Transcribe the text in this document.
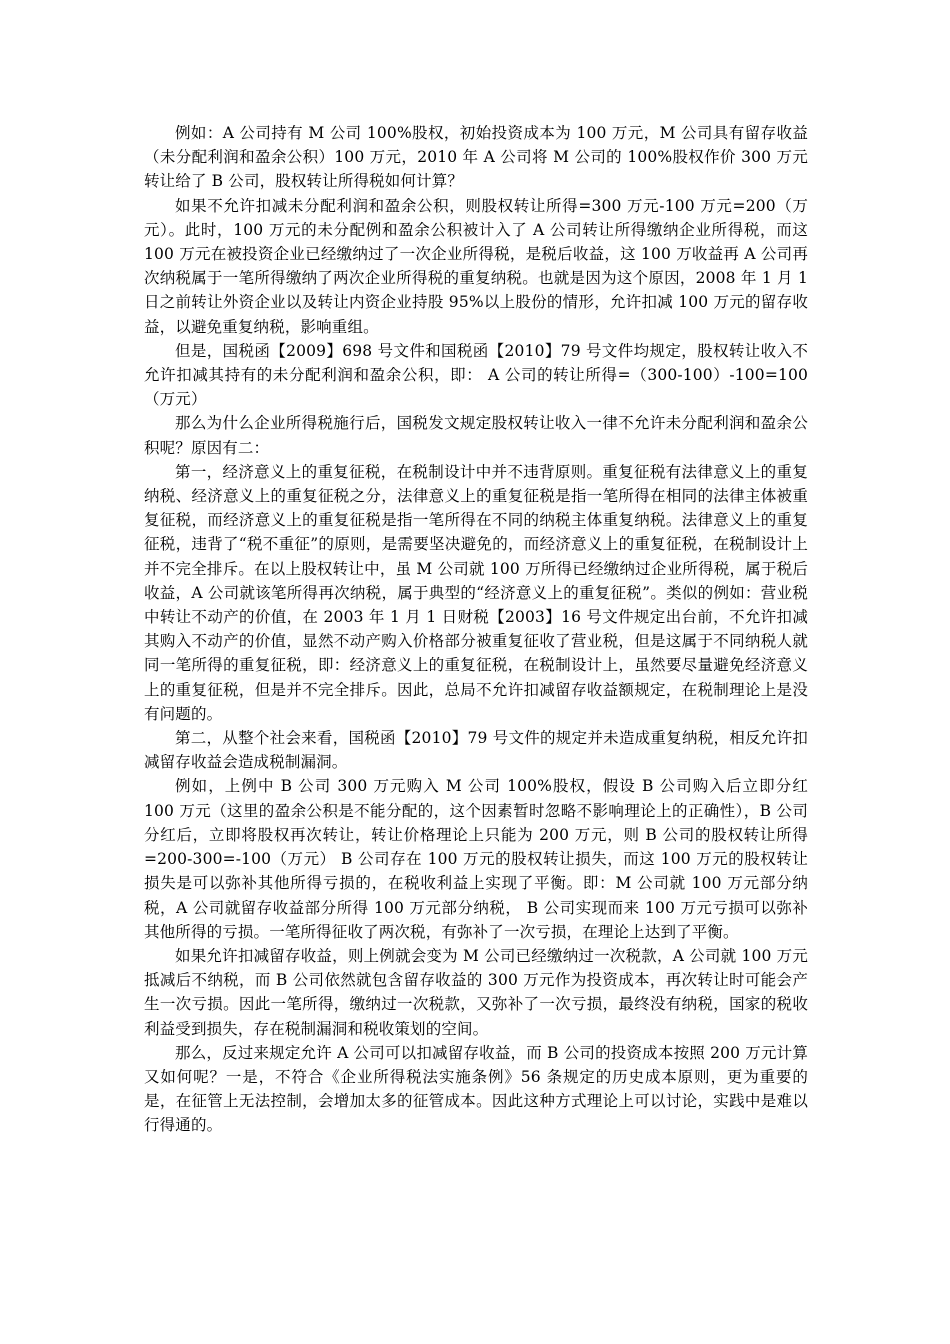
例如：A 公司持有 M 公司 100%股权，初始投资成本为 100 万元，M 公司具有留存收益（未分配利润和盈余公积）100 万元，2010 年 A 公司将 M 公司的 100%股权作价 300 万元转让给了 B 公司，股权转让所得税如何计算？

如果不允许扣减未分配利润和盈余公积，则股权转让所得=300 万元-100 万元=200（万元）。此时，100 万元的未分配例和盈余公积被计入了 A 公司转让所得缴纳企业所得税，而这 100 万元在被投资企业已经缴纳过了一次企业所得税，是税后收益，这 100 万收益再 A 公司再次纳税属于一笔所得缴纳了两次企业所得税的重复纳税。也就是因为这个原因，2008 年 1 月 1 日之前转让外资企业以及转让内资企业持股 95%以上股份的情形，允许扣减 100 万元的留存收益，以避免重复纳税，影响重组。

但是，国税函【2009】698 号文件和国税函【2010】79 号文件均规定，股权转让收入不允许扣减其持有的未分配利润和盈余公积，即： A 公司的转让所得=（300-100）-100=100（万元）

那么为什么企业所得税施行后，国税发文规定股权转让收入一律不允许未分配利润和盈余公积呢？原因有二：

第一，经济意义上的重复征税，在税制设计中并不违背原则。重复征税有法律意义上的重复纳税、经济意义上的重复征税之分，法律意义上的重复征税是指一笔所得在相同的法律主体被重复征税，而经济意义上的重复征税是指一笔所得在不同的纳税主体重复纳税。法律意义上的重复征税，违背了“税不重征”的原则，是需要坚决避免的，而经济意义上的重复征税，在税制设计上并不完全排斥。在以上股权转让中，虽 M 公司就 100 万所得已经缴纳过企业所得税，属于税后收益，A 公司就该笔所得再次纳税，属于典型的“经济意义上的重复征税”。类似的例如：营业税中转让不动产的价值，在 2003 年 1 月 1 日财税【2003】16 号文件规定出台前，不允许扣减其购入不动产的价值，显然不动产购入价格部分被重复征收了营业税，但是这属于不同纳税人就同一笔所得的重复征税，即：经济意义上的重复征税，在税制设计上，虽然要尽量避免经济意义上的重复征税，但是并不完全排斥。因此，总局不允许扣减留存收益额规定，在税制理论上是没有问题的。

第二，从整个社会来看，国税函【2010】79 号文件的规定并未造成重复纳税，相反允许扣减留存收益会造成税制漏洞。

例如，上例中 B 公司 300 万元购入 M 公司 100%股权，假设 B 公司购入后立即分红 100 万元（这里的盈余公积是不能分配的，这个因素暂时忽略不影响理论上的正确性），B 公司分红后，立即将股权再次转让，转让价格理论上只能为 200 万元，则 B 公司的股权转让所得=200-300=-100（万元） B 公司存在 100 万元的股权转让损失，而这 100 万元的股权转让损失是可以弥补其他所得亏损的，在税收利益上实现了平衡。即：M 公司就 100 万元部分纳税，A 公司就留存收益部分所得 100 万元部分纳税， B 公司实现而来 100 万元亏损可以弥补其他所得的亏损。一笔所得征收了两次税，有弥补了一次亏损，在理论上达到了平衡。

如果允许扣减留存收益，则上例就会变为 M 公司已经缴纳过一次税款，A 公司就 100 万元抵减后不纳税，而 B 公司依然就包含留存收益的 300 万元作为投资成本，再次转让时可能会产生一次亏损。因此一笔所得，缴纳过一次税款，又弥补了一次亏损，最终没有纳税，国家的税收利益受到损失，存在税制漏洞和税收策划的空间。

那么，反过来规定允许 A 公司可以扣减留存收益，而 B 公司的投资成本按照 200 万元计算又如何呢？一是，不符合《企业所得税法实施条例》56 条规定的历史成本原则，更为重要的是，在征管上无法控制，会增加太多的征管成本。因此这种方式理论上可以讨论，实践中是难以行得通的。
